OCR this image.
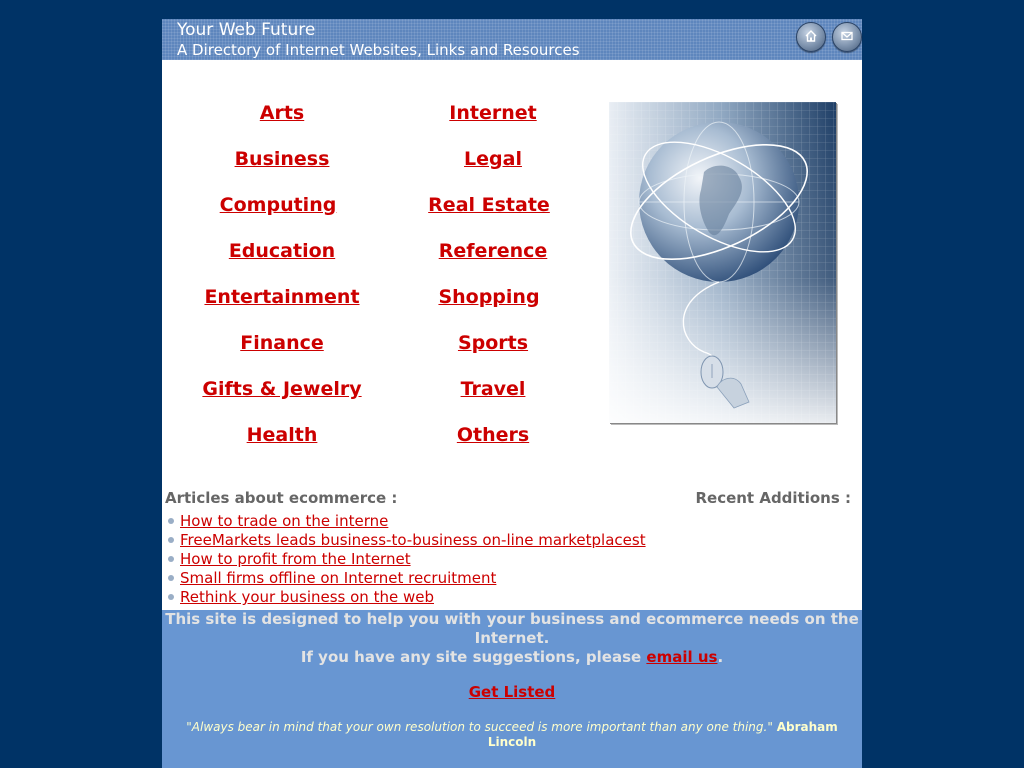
Your Web Future
A Directory of Internet Websites, Links and Resources
Arts
Business
Computing
Education
Entertainment
Finance
Gifts & Jewelry
Health
Internet
Legal
Real Estate
Reference
Shopping
Sports
Travel
Others
Articles about ecommerce :	Recent Additions :
How to trade on the interne
FreeMarkets leads business-to-business on-line marketplacest
How to profit from the Internet
Small firms offline on Internet recruitment
Rethink your business on the web
This site is designed to help you with your business and ecommerce needs on the Internet.
If you have any site suggestions, please email us.
Get Listed
"Always bear in mind that your own resolution to succeed is more important than any one thing." Abraham Lincoln
